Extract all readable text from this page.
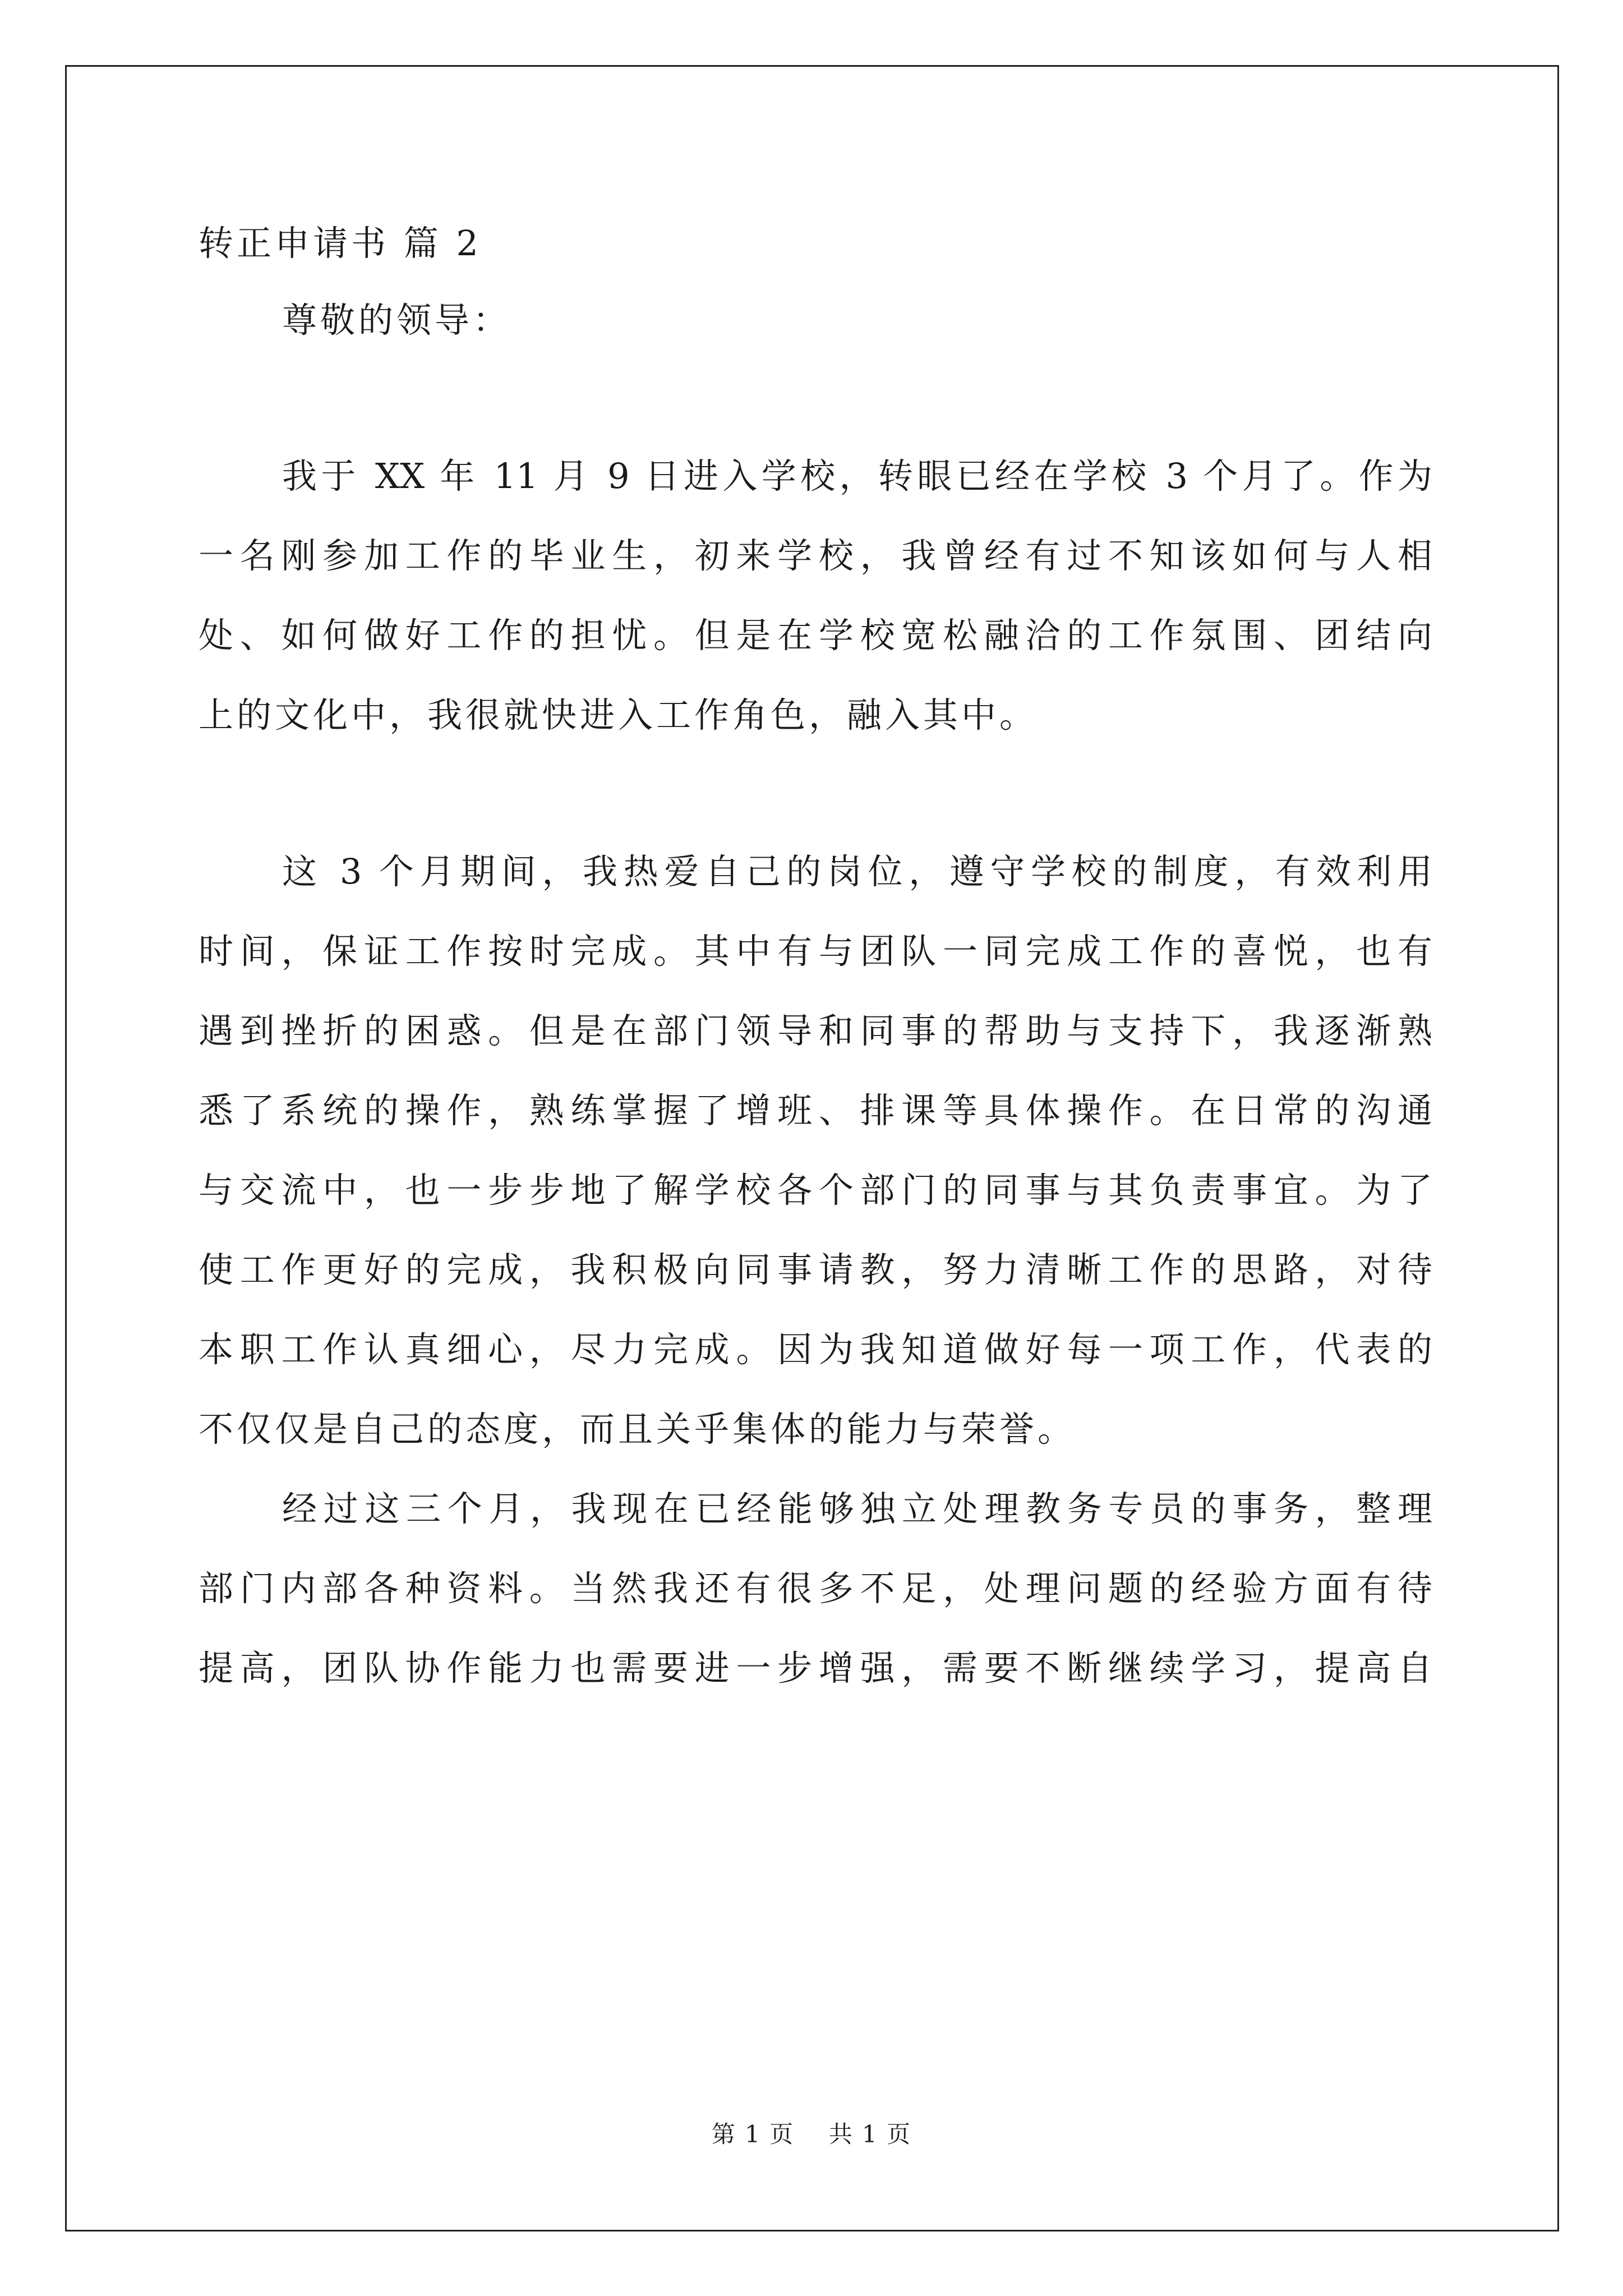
转正申请书 篇 2
尊敬的领导：
我于 XX 年 11 月 9 日进入学校，转眼已经在学校 3 个月了。作为
一名刚参加工作的毕业生，初来学校，我曾经有过不知该如何与人相
处、如何做好工作的担忧。但是在学校宽松融洽的工作氛围、团结向
上的文化中，我很就快进入工作角色，融入其中。
这 3 个月期间，我热爱自己的岗位，遵守学校的制度，有效利用
时间，保证工作按时完成。其中有与团队一同完成工作的喜悦，也有
遇到挫折的困惑。但是在部门领导和同事的帮助与支持下，我逐渐熟
悉了系统的操作，熟练掌握了增班、排课等具体操作。在日常的沟通
与交流中，也一步步地了解学校各个部门的同事与其负责事宜。为了
使工作更好的完成，我积极向同事请教，努力清晰工作的思路，对待
本职工作认真细心，尽力完成。因为我知道做好每一项工作，代表的
不仅仅是自己的态度，而且关乎集体的能力与荣誉。
经过这三个月，我现在已经能够独立处理教务专员的事务，整理
部门内部各种资料。当然我还有很多不足，处理问题的经验方面有待
提高，团队协作能力也需要进一步增强，需要不断继续学习，提高自
第 1 页    共 1 页
